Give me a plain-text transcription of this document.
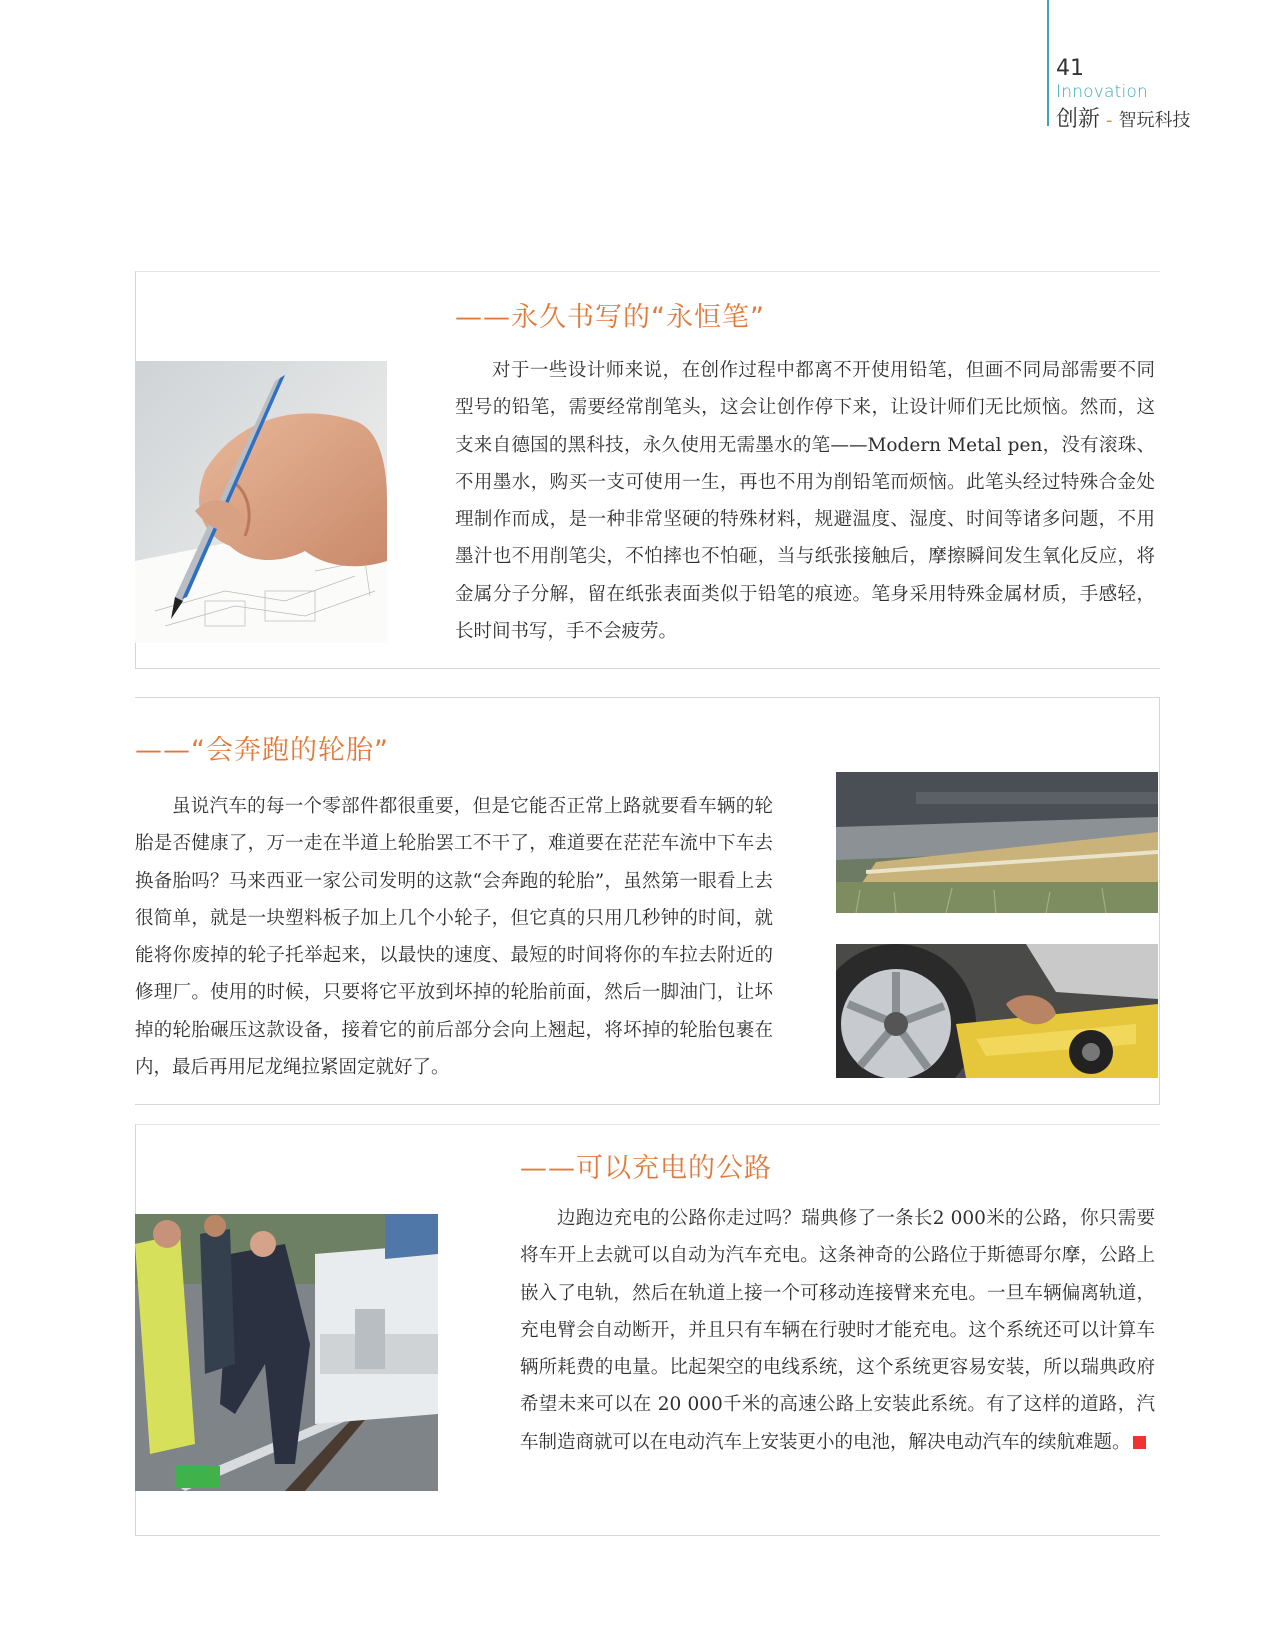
41
Innovation
创新 - 智玩科技
——永久书写的“永恒笔”

对于一些设计师来说，在创作过程中都离不开使用铅笔，但画不同局部需要不同型号的铅笔，需要经常削笔头，这会让创作停下来，让设计师们无比烦恼。然而，这支来自德国的黑科技，永久使用无需墨水的笔——Modern Metal pen，没有滚珠、不用墨水，购买一支可使用一生，再也不用为削铅笔而烦恼。此笔头经过特殊合金处理制作而成，是一种非常坚硬的特殊材料，规避温度、湿度、时间等诸多问题，不用墨汁也不用削笔尖，不怕摔也不怕砸，当与纸张接触后，摩擦瞬间发生氧化反应，将金属分子分解，留在纸张表面类似于铅笔的痕迹。笔身采用特殊金属材质，手感轻，长时间书写，手不会疲劳。

——“会奔跑的轮胎”

虽说汽车的每一个零部件都很重要，但是它能否正常上路就要看车辆的轮胎是否健康了，万一走在半道上轮胎罢工不干了，难道要在茫茫车流中下车去换备胎吗？马来西亚一家公司发明的这款“会奔跑的轮胎”，虽然第一眼看上去很简单，就是一块塑料板子加上几个小轮子，但它真的只用几秒钟的时间，就能将你废掉的轮子托举起来，以最快的速度、最短的时间将你的车拉去附近的修理厂。使用的时候，只要将它平放到坏掉的轮胎前面，然后一脚油门，让坏掉的轮胎碾压这款设备，接着它的前后部分会向上翘起，将坏掉的轮胎包裹在内，最后再用尼龙绳拉紧固定就好了。

——可以充电的公路

边跑边充电的公路你走过吗？瑞典修了一条长2 000米的公路，你只需要将车开上去就可以自动为汽车充电。这条神奇的公路位于斯德哥尔摩，公路上嵌入了电轨，然后在轨道上接一个可移动连接臂来充电。一旦车辆偏离轨道，充电臂会自动断开，并且只有车辆在行驶时才能充电。这个系统还可以计算车辆所耗费的电量。比起架空的电线系统，这个系统更容易安装，所以瑞典政府希望未来可以在 20 000千米的高速公路上安装此系统。有了这样的道路，汽车制造商就可以在电动汽车上安装更小的电池，解决电动汽车的续航难题。	S
